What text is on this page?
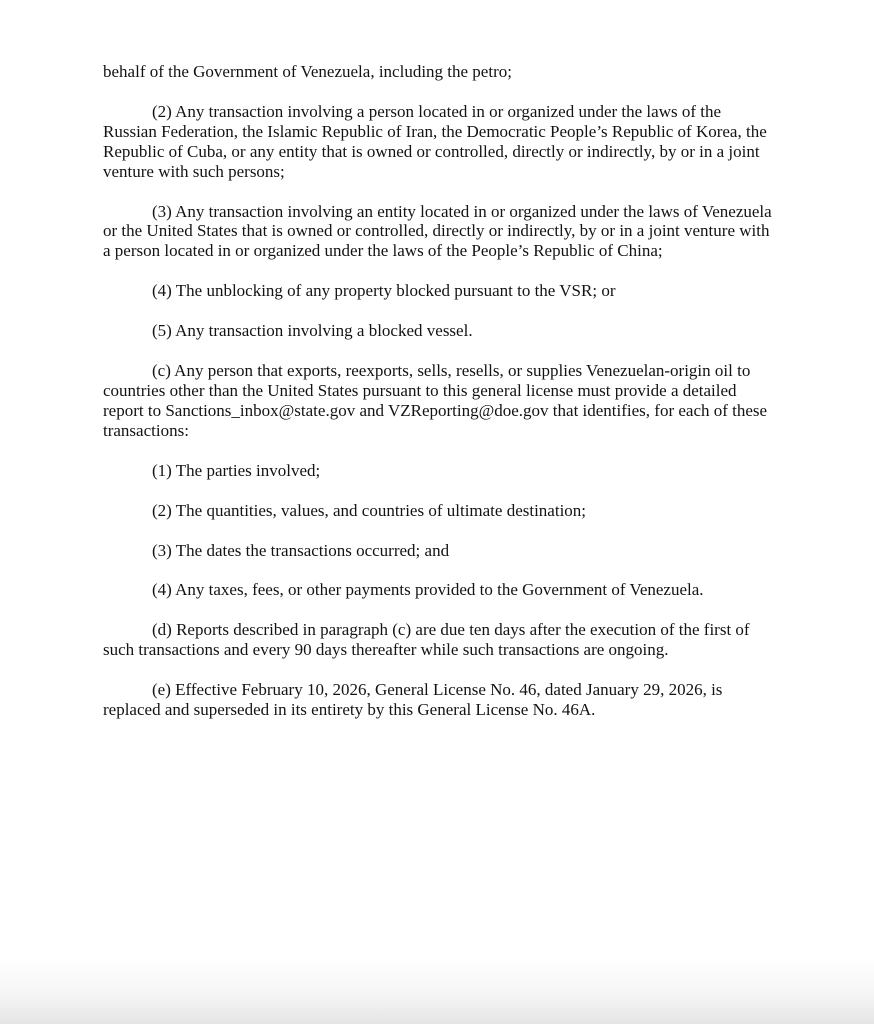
behalf of the Government of Venezuela, including the petro;

(2) Any transaction involving a person located in or organized under the laws of the Russian Federation, the Islamic Republic of Iran, the Democratic People’s Republic of Korea, the Republic of Cuba, or any entity that is owned or controlled, directly or indirectly, by or in a joint venture with such persons;

(3) Any transaction involving an entity located in or organized under the laws of Venezuela or the United States that is owned or controlled, directly or indirectly, by or in a joint venture with a person located in or organized under the laws of the People’s Republic of China;

(4) The unblocking of any property blocked pursuant to the VSR; or

(5) Any transaction involving a blocked vessel.

(c) Any person that exports, reexports, sells, resells, or supplies Venezuelan-origin oil to countries other than the United States pursuant to this general license must provide a detailed report to Sanctions_inbox@state.gov and VZReporting@doe.gov that identifies, for each of these transactions:

(1) The parties involved;

(2) The quantities, values, and countries of ultimate destination;

(3) The dates the transactions occurred; and

(4) Any taxes, fees, or other payments provided to the Government of Venezuela.

(d) Reports described in paragraph (c) are due ten days after the execution of the first of such transactions and every 90 days thereafter while such transactions are ongoing.

(e) Effective February 10, 2026, General License No. 46, dated January 29, 2026, is replaced and superseded in its entirety by this General License No. 46A.
